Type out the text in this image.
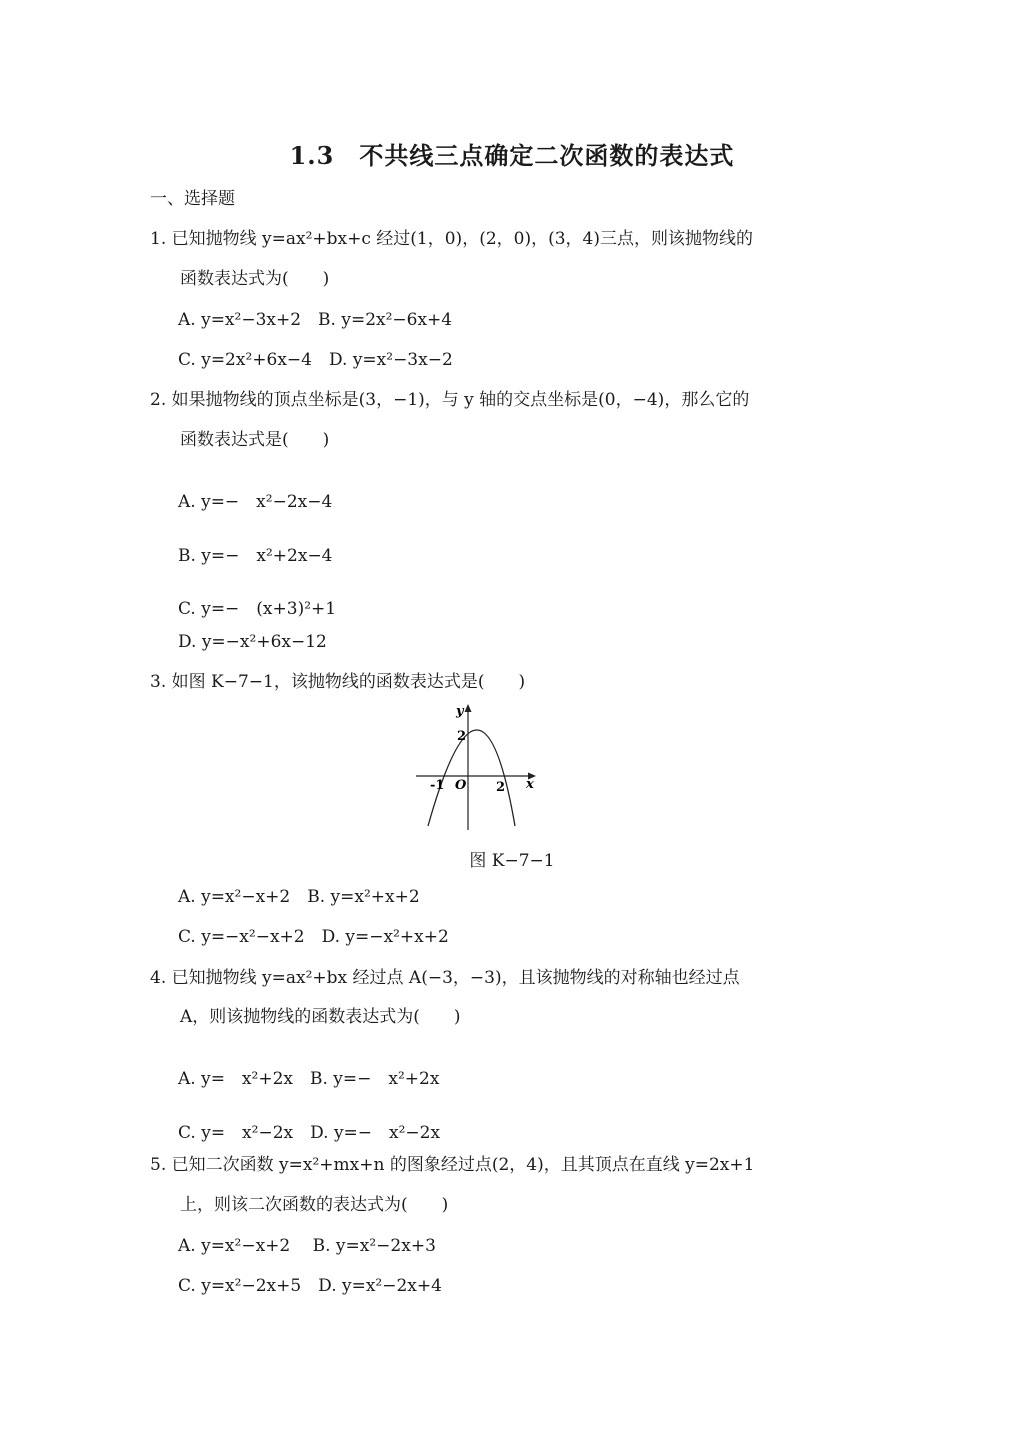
1.3　不共线三点确定二次函数的表达式
一、选择题
1. 已知抛物线 y=ax²+bx+c 经过(1，0)，(2，0)，(3，4)三点，则该抛物线的
函数表达式为(　　)
A. y=x²−3x+2　B. y=2x²−6x+4
C. y=2x²+6x−4　D. y=x²−3x−2
2. 如果抛物线的顶点坐标是(3，−1)，与 y 轴的交点坐标是(0，−4)，那么它的
函数表达式是(　　)
A. y=−　x²−2x−4
B. y=−　x²+2x−4
C. y=−　(x+3)²+1
D. y=−x²+6x−12
3. 如图 K−7−1，该抛物线的函数表达式是(　　)
y
x
2
-1 O 2
图 K−7−1
A. y=x²−x+2　B. y=x²+x+2
C. y=−x²−x+2　D. y=−x²+x+2
4. 已知抛物线 y=ax²+bx 经过点 A(−3，−3)，且该抛物线的对称轴也经过点
A，则该抛物线的函数表达式为(　　)
A. y=　x²+2x　B. y=−　x²+2x
C. y=　x²−2x　D. y=−　x²−2x
5. 已知二次函数 y=x²+mx+n 的图象经过点(2，4)，且其顶点在直线 y=2x+1
上，则该二次函数的表达式为(　　)
A. y=x²−x+2　 B. y=x²−2x+3
C. y=x²−2x+5　D. y=x²−2x+4
